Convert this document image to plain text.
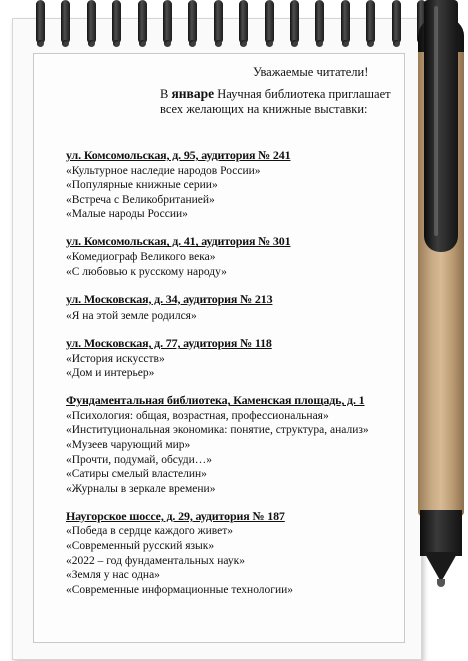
Уважаемые читатели!
В январе Научная библиотека приглашает всех желающих на книжные выставки:
ул. Комсомольская, д. 95, аудитория № 241
«Культурное наследие народов России»
«Популярные книжные серии»
«Встреча с Великобританией»
«Малые народы России»
ул. Комсомольская, д. 41, аудитория № 301
«Комедиограф Великого века»
«С любовью к русскому народу»
ул. Московская, д. 34, аудитория № 213
«Я на этой земле родился»
ул. Московская, д. 77, аудитория № 118
«История искусств»
«Дом и интерьер»
Фундаментальная библиотека, Каменская площадь, д. 1
«Психология: общая, возрастная, профессиональная»
«Институциональная экономика: понятие, структура, анализ»
«Музеев чарующий мир»
«Прочти, подумай, обсуди…»
«Сатиры смелый властелин»
«Журналы в зеркале времени»
Наугорское шоссе, д. 29, аудитория № 187
«Победа в сердце каждого живет»
«Современный русский язык»
«2022 – год фундаментальных наук»
«Земля у нас одна»
«Современные информационные технологии»
